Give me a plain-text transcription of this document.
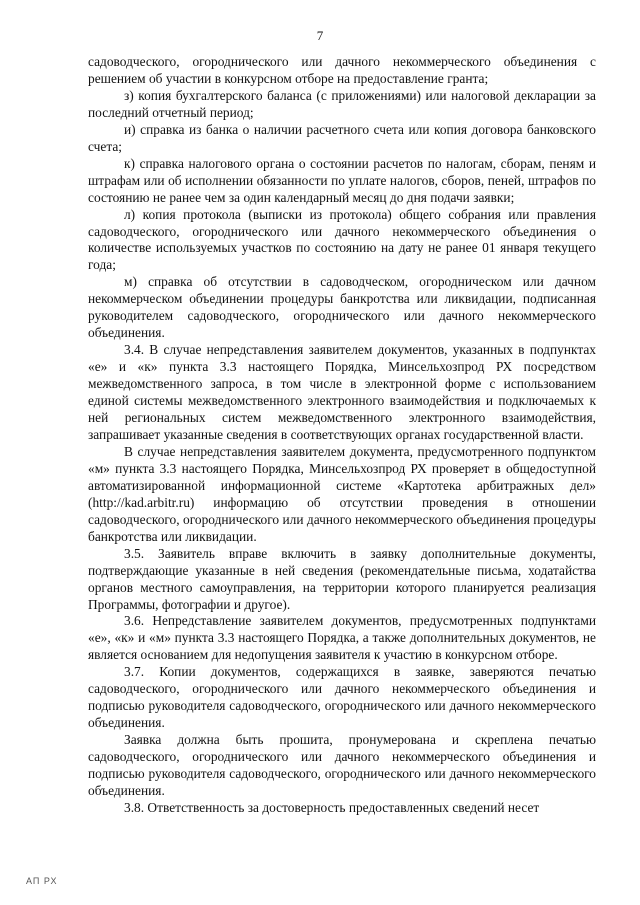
7

садоводческого, огороднического или дачного некоммерческого объединения с решением об участии в конкурсном отборе на предоставление гранта;

з) копия бухгалтерского баланса (с приложениями) или налоговой декларации за последний отчетный период;

и) справка из банка о наличии расчетного счета или копия договора банковского счета;

к) справка налогового органа о состоянии расчетов по налогам, сборам, пеням и штрафам или об исполнении обязанности по уплате налогов, сборов, пеней, штрафов по состоянию не ранее чем за один календарный месяц до дня подачи заявки;

л) копия протокола (выписки из протокола) общего собрания или правления садоводческого, огороднического или дачного некоммерческого объединения о количестве используемых участков по состоянию на дату не ранее 01 января текущего года;

м) справка об отсутствии в садоводческом, огородническом или дачном некоммерческом объединении процедуры банкротства или ликвидации, подписанная руководителем садоводческого, огороднического или дачного некоммерческого объединения.

3.4. В случае непредставления заявителем документов, указанных в подпунктах «е» и «к» пункта 3.3 настоящего Порядка, Минсельхозпрод РХ посредством межведомственного запроса, в том числе в электронной форме с использованием единой системы межведомственного электронного взаимодействия и подключаемых к ней региональных систем межведомственного электронного взаимодействия, запрашивает указанные сведения в соответствующих органах государственной власти.

В случае непредставления заявителем документа, предусмотренного подпунктом «м» пункта 3.3 настоящего Порядка, Минсельхозпрод РХ проверяет в общедоступной автоматизированной информационной системе «Картотека арбитражных дел» (http://kad.arbitr.ru) информацию об отсутствии проведения в отношении садоводческого, огороднического или дачного некоммерческого объединения процедуры банкротства или ликвидации.

3.5. Заявитель вправе включить в заявку дополнительные документы, подтверждающие указанные в ней сведения (рекомендательные письма, ходатайства органов местного самоуправления, на территории которого планируется реализация Программы, фотографии и другое).

3.6. Непредставление заявителем документов, предусмотренных подпунктами «е», «к» и «м» пункта 3.3 настоящего Порядка, а также дополнительных документов, не является основанием для недопущения заявителя к участию в конкурсном отборе.

3.7. Копии документов, содержащихся в заявке, заверяются печатью садоводческого, огороднического или дачного некоммерческого объединения и подписью руководителя садоводческого, огороднического или дачного некоммерческого объединения.

Заявка должна быть прошита, пронумерована и скреплена печатью садоводческого, огороднического или дачного некоммерческого объединения и подписью руководителя садоводческого, огороднического или дачного некоммерческого объединения.

3.8. Ответственность за достоверность предоставленных сведений несет

АП РХ
